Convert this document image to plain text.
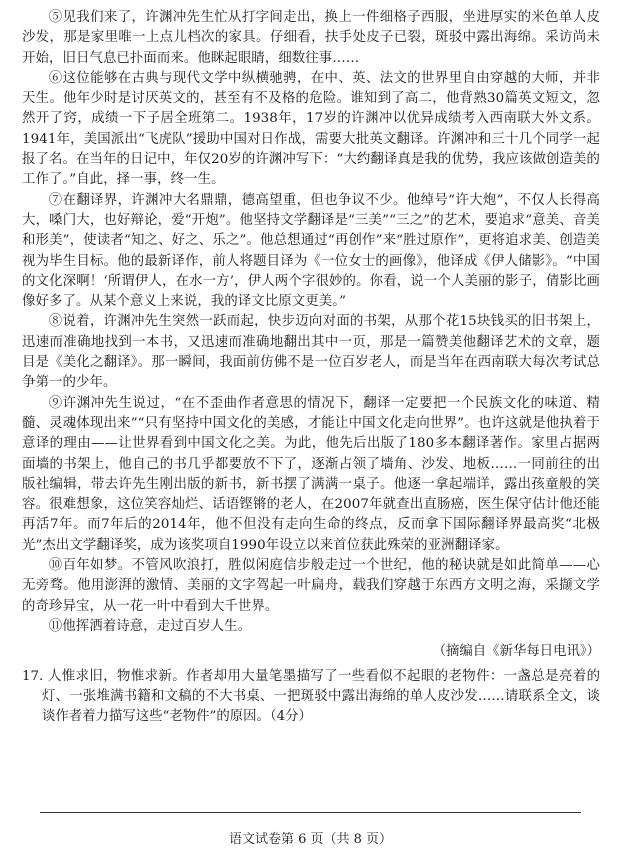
⑤见我们来了，许渊冲先生忙从打字间走出，换上一件细格子西服，坐进厚实的米色单人皮沙发，那是家里唯一上点儿档次的家具。仔细看，扶手处皮子已裂，斑驳中露出海绵。采访尚未开始，旧日气息已扑面而来。他眯起眼睛，细数往事……

⑥这位能够在古典与现代文学中纵横驰骋，在中、英、法文的世界里自由穿越的大师，并非天生。他年少时是讨厌英文的，甚至有不及格的危险。谁知到了高二，他背熟30篇英文短文，忽然开了窍，成绩一下子居全班第二。1938年，17岁的许渊冲以优异成绩考入西南联大外文系。1941年，美国派出“飞虎队”援助中国对日作战，需要大批英文翻译。许渊冲和三十几个同学一起报了名。在当年的日记中，年仅20岁的许渊冲写下：“大约翻译真是我的优势，我应该做创造美的工作了。”自此，择一事，终一生。

⑦在翻译界，许渊冲大名鼎鼎，德高望重，但也争议不少。他绰号“许大炮”，不仅人长得高大，嗓门大，也好辩论，爱“开炮”。他坚持文学翻译是“三美”“三之”的艺术，要追求“意美、音美和形美”，使读者“知之、好之、乐之”。他总想通过“再创作”来“胜过原作”，更将追求美、创造美视为毕生目标。他的最新译作，前人将题目译为《一位女士的画像》，他译成《伊人储影》。“中国的文化深啊！‘所谓伊人，在水一方’，伊人两个字很妙的。你看，说一个人美丽的影子，倩影比画像好多了。从某个意义上来说，我的译文比原文更美。”

⑧说着，许渊冲先生突然一跃而起，快步迈向对面的书架，从那个花15块钱买的旧书架上，迅速而准确地找到一本书，又迅速而准确地翻出其中一页，那是一篇赞美他翻译艺术的文章，题目是《美化之翻译》。那一瞬间，我面前仿佛不是一位百岁老人，而是当年在西南联大每次考试总争第一的少年。

⑨许渊冲先生说过，“在不歪曲作者意思的情况下，翻译一定要把一个民族文化的味道、精髓、灵魂体现出来”“只有坚持中国文化的美感，才能让中国文化走向世界”。也许这就是他执着于意译的理由——让世界看到中国文化之美。为此，他先后出版了180多本翻译著作。家里占据两面墙的书架上，他自己的书几乎都要放不下了，逐渐占领了墙角、沙发、地板……一同前往的出版社编辑，带去许先生刚出版的新书，新书摆了满满一桌子。他逐一拿起端详，露出孩童般的笑容。很难想象，这位笑容灿烂、话语铿锵的老人，在2007年就查出直肠癌，医生保守估计他还能再活7年。而7年后的2014年，他不但没有走向生命的终点，反而拿下国际翻译界最高奖“北极光”杰出文学翻译奖，成为该奖项自1990年设立以来首位获此殊荣的亚洲翻译家。

⑩百年如梦。不管风吹浪打，胜似闲庭信步般走过一个世纪，他的秘诀就是如此简单——心无旁骛。他用澎湃的激情、美丽的文字驾起一叶扁舟，载我们穿越于东西方文明之海，采撷文学的奇珍异宝，从一花一叶中看到大千世界。

⑪他挥洒着诗意，走过百岁人生。

（摘编自《新华每日电讯》）

17. 人惟求旧，物惟求新。作者却用大量笔墨描写了一些看似不起眼的老物件：一盏总是亮着的灯、一张堆满书籍和文稿的不大书桌、一把斑驳中露出海绵的单人皮沙发……请联系全文，谈谈作者着力描写这些“老物件”的原因。（4分）

语文试卷第 6 页（共 8 页）
